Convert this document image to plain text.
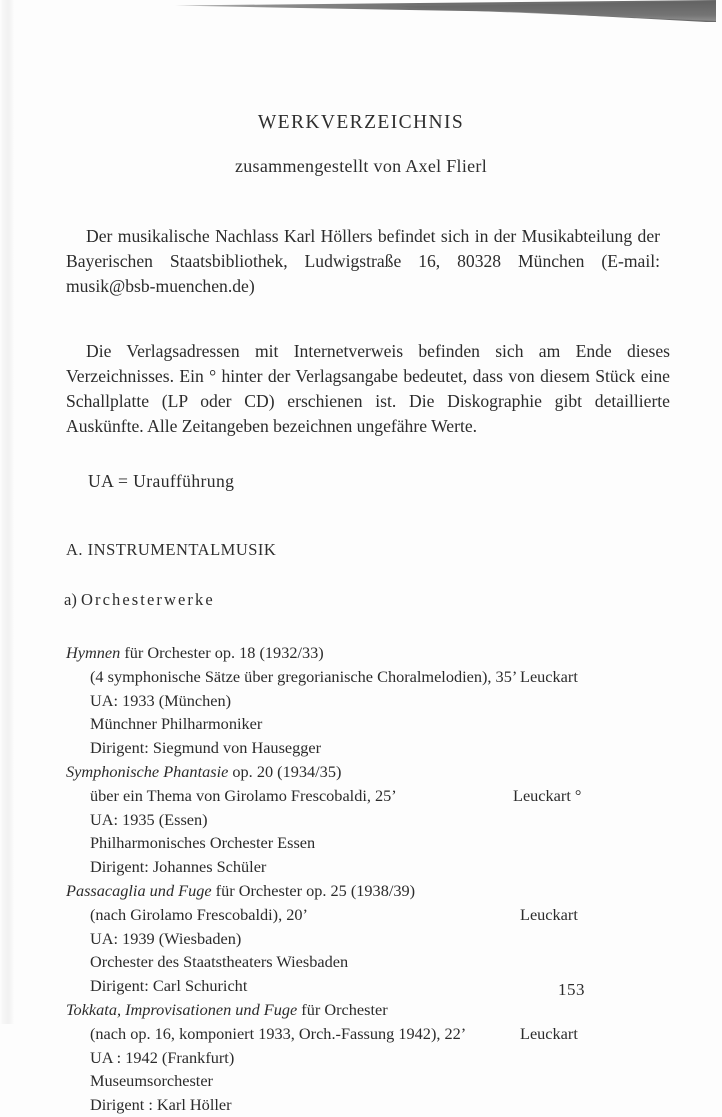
WERKVERZEICHNIS

zusammengestellt von Axel Flierl

Der musikalische Nachlass Karl Höllers befindet sich in der Musikabteilung der Bayerischen Staatsbibliothek, Ludwigstraße 16, 80328 München (E-mail: musik@bsb-muenchen.de)

Die Verlagsadressen mit Internetverweis befinden sich am Ende dieses Verzeichnisses. Ein ° hinter der Verlagsangabe bedeutet, dass von diesem Stück eine Schallplatte (LP oder CD) erschienen ist. Die Diskographie gibt detaillierte Auskünfte. Alle Zeitangeben bezeichnen ungefähre Werte.

UA = Uraufführung

A. INSTRUMENTALMUSIK
a) Orchesterwerke
Hymnen für Orchester op. 18 (1932/33)
(4 symphonische Sätze über gregorianische Choralmelodien), 35’
UA: 1933 (München)
Münchner Philharmoniker
Dirigent: Siegmund von Hausegger
Leuckart
Symphonische Phantasie op. 20 (1934/35)
über ein Thema von Girolamo Frescobaldi, 25’
UA: 1935 (Essen)
Philharmonisches Orchester Essen
Dirigent: Johannes Schüler
Leuckart °
Passacaglia und Fuge für Orchester op. 25 (1938/39)
(nach Girolamo Frescobaldi), 20’
UA: 1939 (Wiesbaden)
Orchester des Staatstheaters Wiesbaden
Dirigent: Carl Schuricht
Leuckart
Tokkata, Improvisationen und Fuge für Orchester
(nach op. 16, komponiert 1933, Orch.-Fassung 1942), 22’
UA : 1942 (Frankfurt)
Museumsorchester
Dirigent : Karl Höller
Leuckart
153
